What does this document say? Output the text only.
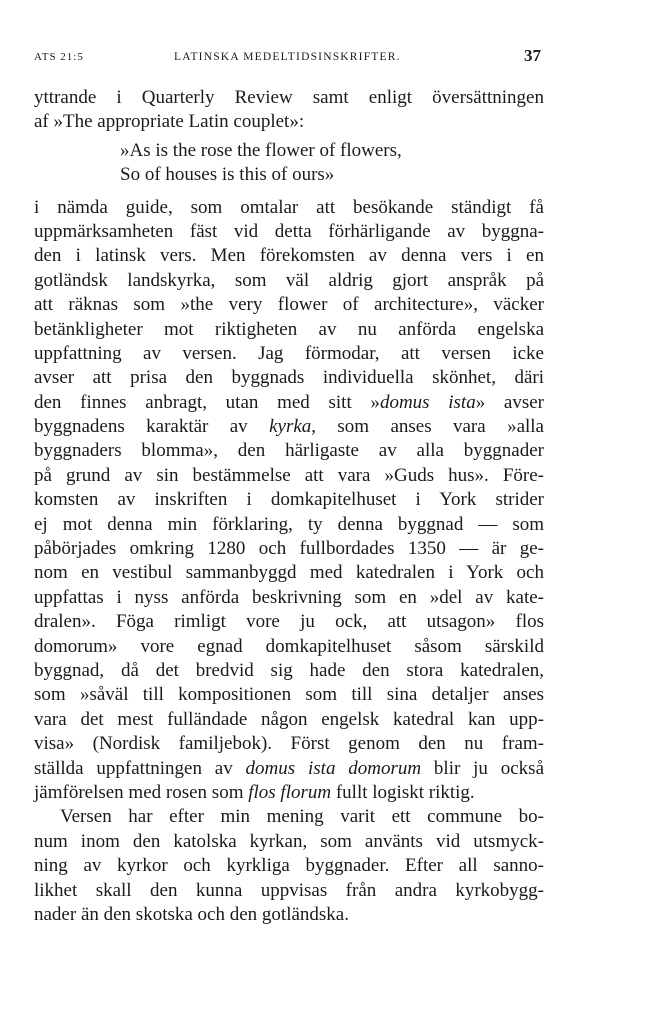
ATS 21:5	LATINSKA MEDELTIDSINSKRIFTER.	37
yttrande i Quarterly Review samt enligt översättningen
af »The appropriate Latin couplet»:
»As is the rose the flower of flowers,
So of houses is this of ours»
i nämda guide, som omtalar att besökande ständigt få
uppmärksamheten fäst vid detta förhärligande av byggna-
den i latinsk vers. Men förekomsten av denna vers i en
gotländsk landskyrka, som väl aldrig gjort anspråk på
att räknas som »the very flower of architecture», väcker
betänkligheter mot riktigheten av nu anförda engelska
uppfattning av versen. Jag förmodar, att versen icke
avser att prisa den byggnads individuella skönhet, däri
den finnes anbragt, utan med sitt »domus ista» avser
byggnadens karaktär av kyrka, som anses vara »alla
byggnaders blomma», den härligaste av alla byggnader
på grund av sin bestämmelse att vara »Guds hus». Före-
komsten av inskriften i domkapitelhuset i York strider
ej mot denna min förklaring, ty denna byggnad — som
påbörjades omkring 1280 och fullbordades 1350 — är ge-
nom en vestibul sammanbyggd med katedralen i York och
uppfattas i nyss anförda beskrivning som en »del av kate-
dralen». Föga rimligt vore ju ock, att utsagon» flos
domorum» vore egnad domkapitelhuset såsom särskild
byggnad, då det bredvid sig hade den stora katedralen,
som »såväl till kompositionen som till sina detaljer anses
vara det mest fulländade någon engelsk katedral kan upp-
visa» (Nordisk familjebok). Först genom den nu fram-
ställda uppfattningen av domus ista domorum blir ju också
jämförelsen med rosen som flos florum fullt logiskt riktig.
Versen har efter min mening varit ett commune bo-
num inom den katolska kyrkan, som använts vid utsmyck-
ning av kyrkor och kyrkliga byggnader. Efter all sanno-
likhet skall den kunna uppvisas från andra kyrkobygg-
nader än den skotska och den gotländska.
